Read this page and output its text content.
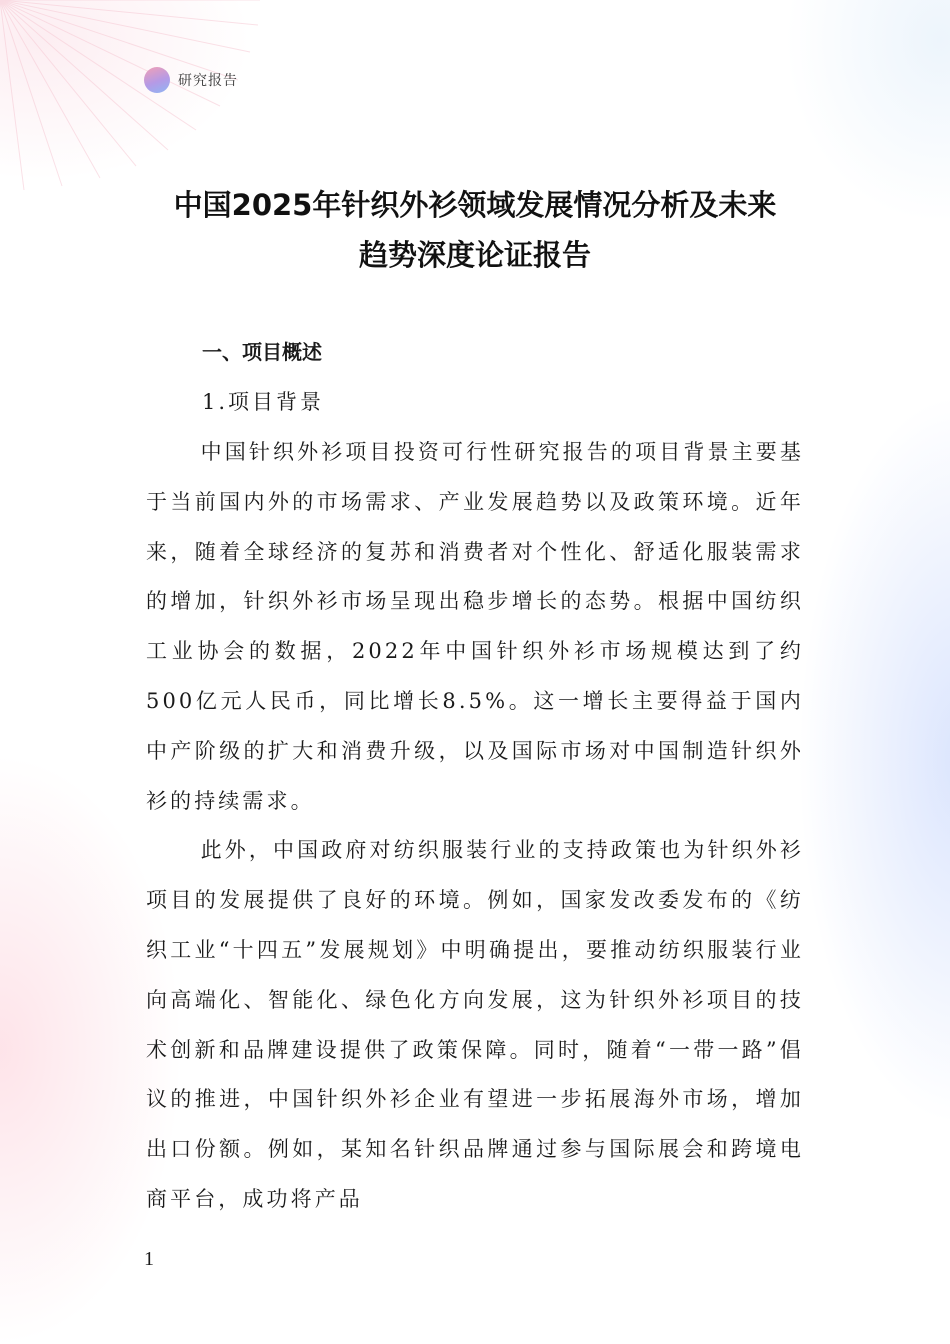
研究报告
中国2025年针织外衫领域发展情况分析及未来
趋势深度论证报告
一、项目概述
1.项目背景

中国针织外衫项目投资可行性研究报告的项目背景主要基于当前国内外的市场需求、产业发展趋势以及政策环境。近年来，随着全球经济的复苏和消费者对个性化、舒适化服装需求的增加，针织外衫市场呈现出稳步增长的态势。根据中国纺织工业协会的数据，2022年中国针织外衫市场规模达到了约500亿元人民币，同比增长8.5%。这一增长主要得益于国内中产阶级的扩大和消费升级，以及国际市场对中国制造针织外衫的持续需求。

此外，中国政府对纺织服装行业的支持政策也为针织外衫项目的发展提供了良好的环境。例如，国家发改委发布的《纺织工业“十四五”发展规划》中明确提出，要推动纺织服装行业向高端化、智能化、绿色化方向发展，这为针织外衫项目的技术创新和品牌建设提供了政策保障。同时，随着“一带一路”倡议的推进，中国针织外衫企业有望进一步拓展海外市场，增加出口份额。例如，某知名针织品牌通过参与国际展会和跨境电商平台，成功将产品

1
